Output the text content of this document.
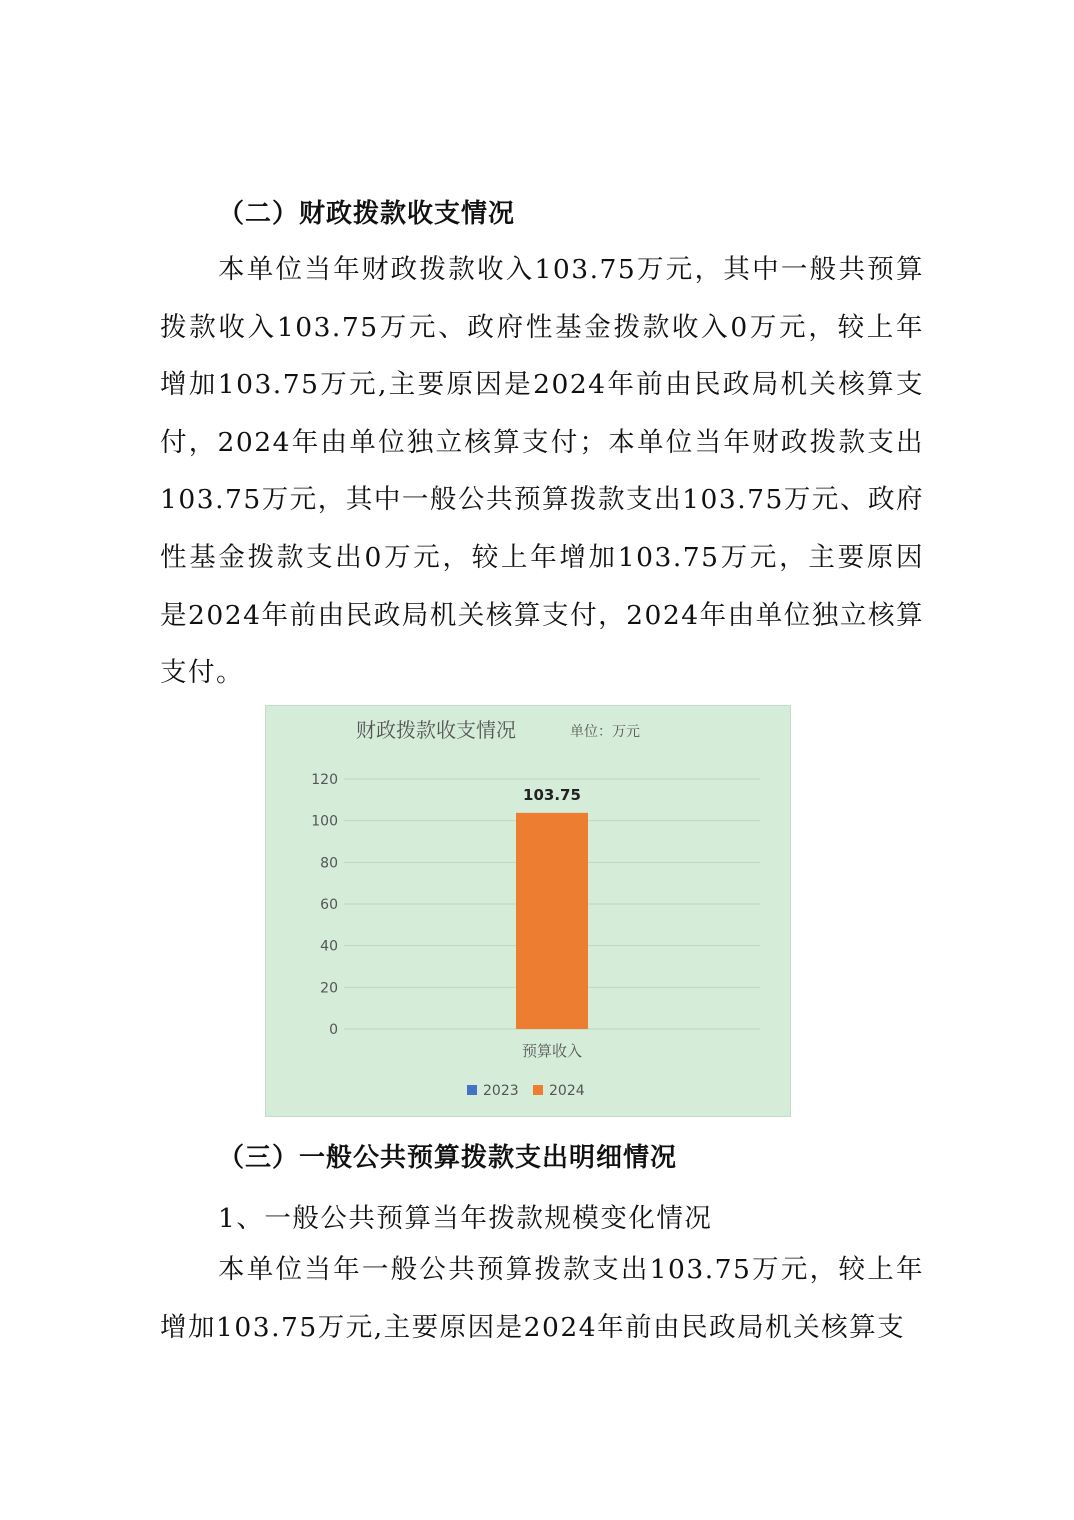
（二）财政拨款收支情况

本单位当年财政拨款收入103.75万元，其中一般共预算拨款收入103.75万元、政府性基金拨款收入0万元，较上年增加103.75万元,主要原因是2024年前由民政局机关核算支付，2024年由单位独立核算支付；本单位当年财政拨款支出103.75万元，其中一般公共预算拨款支出103.75万元、政府性基金拨款支出0万元，较上年增加103.75万元，主要原因是2024年前由民政局机关核算支付，2024年由单位独立核算支付。

财政拨款收支情况	单位：万元
0
20
40
60
80
100
120
103.75
预算收入
2023 2024
（三）一般公共预算拨款支出明细情况
1、一般公共预算当年拨款规模变化情况

本单位当年一般公共预算拨款支出103.75万元，较上年增加103.75万元,主要原因是2024年前由民政局机关核算支
